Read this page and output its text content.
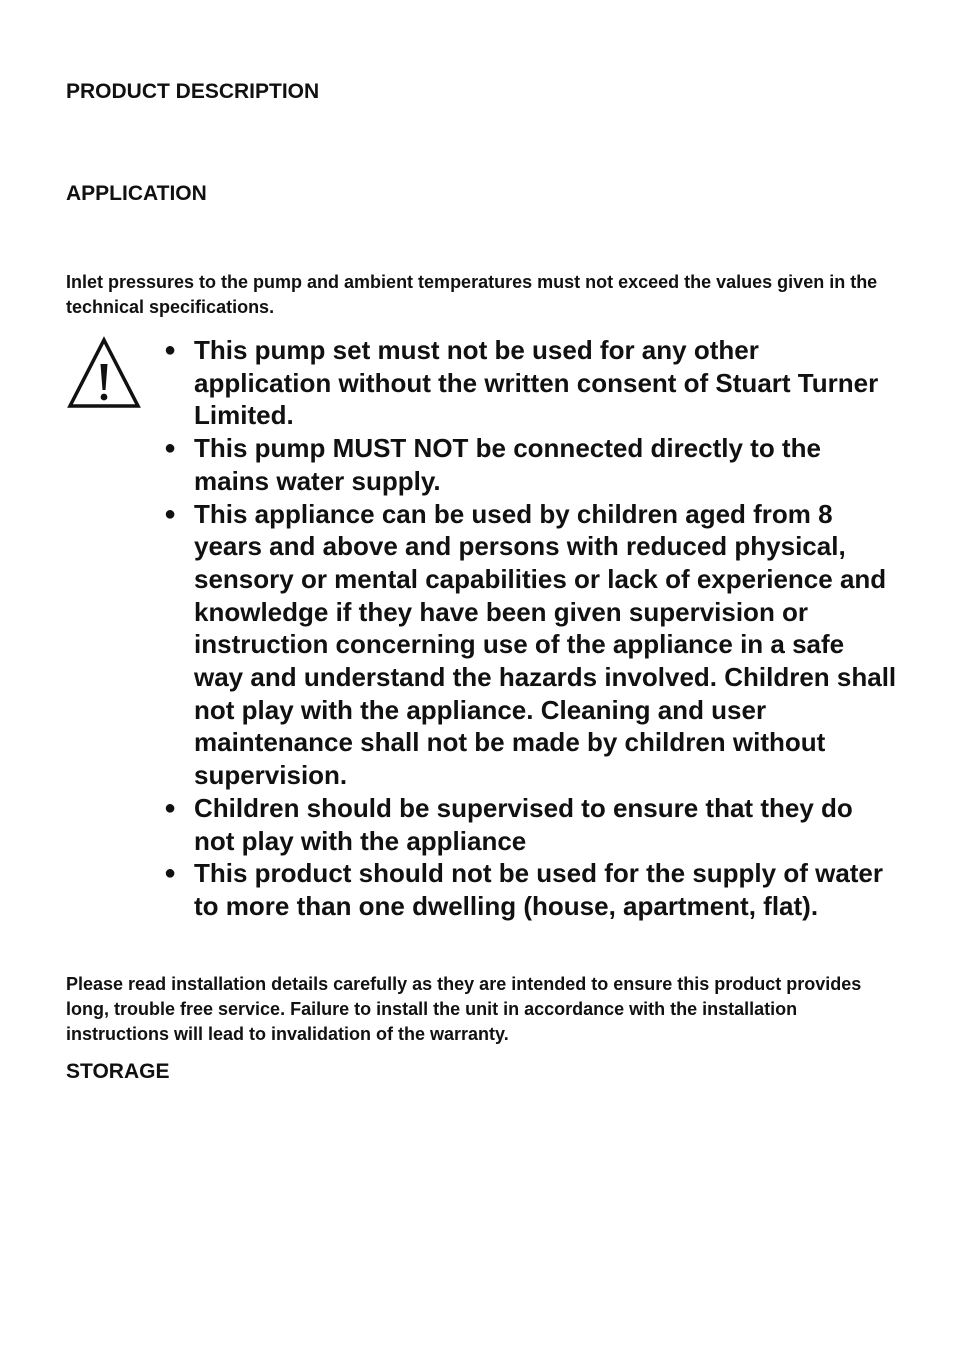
PRODUCT DESCRIPTION
APPLICATION

Inlet pressures to the pump and ambient temperatures must not exceed the values given in the technical specifications.

● This pump set must not be used for any other application without the written consent of Stuart Turner Limited.
● This pump MUST NOT be connected directly to the mains water supply.
● This appliance can be used by children aged from 8 years and above and persons with reduced physical, sensory or mental capabilities or lack of experience and knowledge if they have been given supervision or instruction concerning use of the appliance in a safe way and understand the hazards involved. Children shall not play with the appliance. Cleaning and user maintenance shall not be made by children without supervision.
● Children should be supervised to ensure that they do not play with the appliance
● This product should not be used for the supply of water to more than one dwelling (house, apartment, flat).

Please read installation details carefully as they are intended to ensure this product provides long, trouble free service. Failure to install the unit in accordance with the installation instructions will lead to invalidation of the warranty.

STORAGE
